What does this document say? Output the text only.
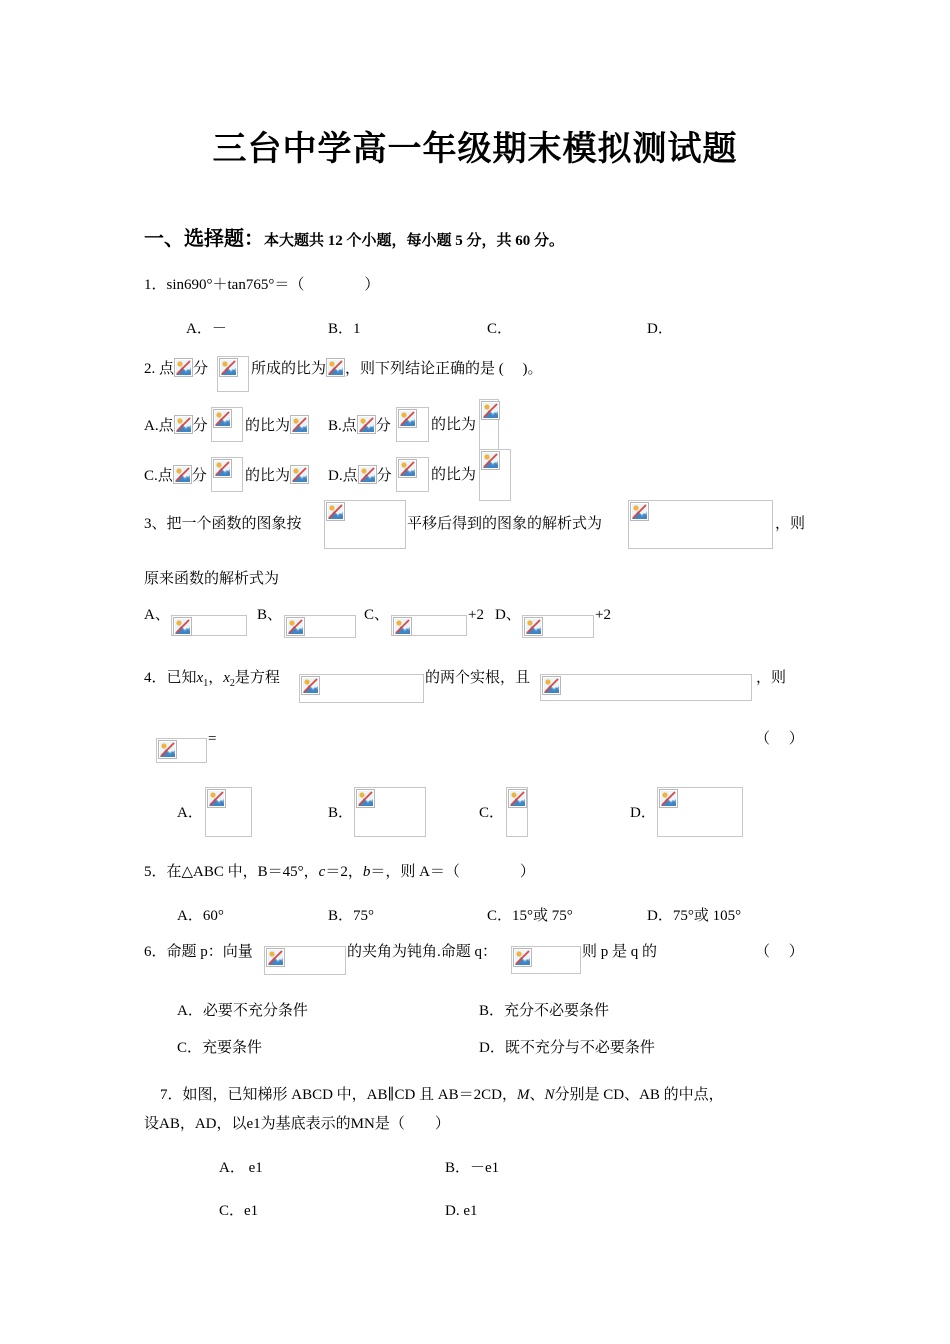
三台中学高一年级期末模拟测试题
一、选择题：本大题共 12 个小题，每小题 5 分，共 60 分。
1．sin690°＋tan765°＝（　　　　）
A．－	B．1	C．	D．
2. 点 分	所成的比为 ，则下列结论正确的是 (　 )。
A.点 分 的比为	B.点 分	的比为
C.点 分	的比为	D.点 分	的比为
3、把一个函数的图象按	平移后得到的图象的解析式为	，则
原来函数的解析式为
A、	B、	C、	+2 D、	+2
4．已知$x_1$，$x_2$是方程	的两个实根，且	，则
=	（　 ）
A．	B．	C．	D．
5．在△ABC 中，B＝45°，c＝2，b＝，则 A＝（　　　　）
A．60°	B．75°	C．15°或 75°	D．75°或 105°
6．命题 p：向量	的夹角为钝角.命题 q：	则 p 是 q 的	（　 ）
A．必要不充分条件	B．充分不必要条件
C．充要条件	D．既不充分与不必要条件
7．如图，已知梯形 ABCD 中，AB∥CD 且 AB＝2CD，M、N分别是 CD、AB 的中点，
设AB，AD，以e1为基底表示的MN是（　　）
A． e1	B．－e1
C．e1	D. e1
